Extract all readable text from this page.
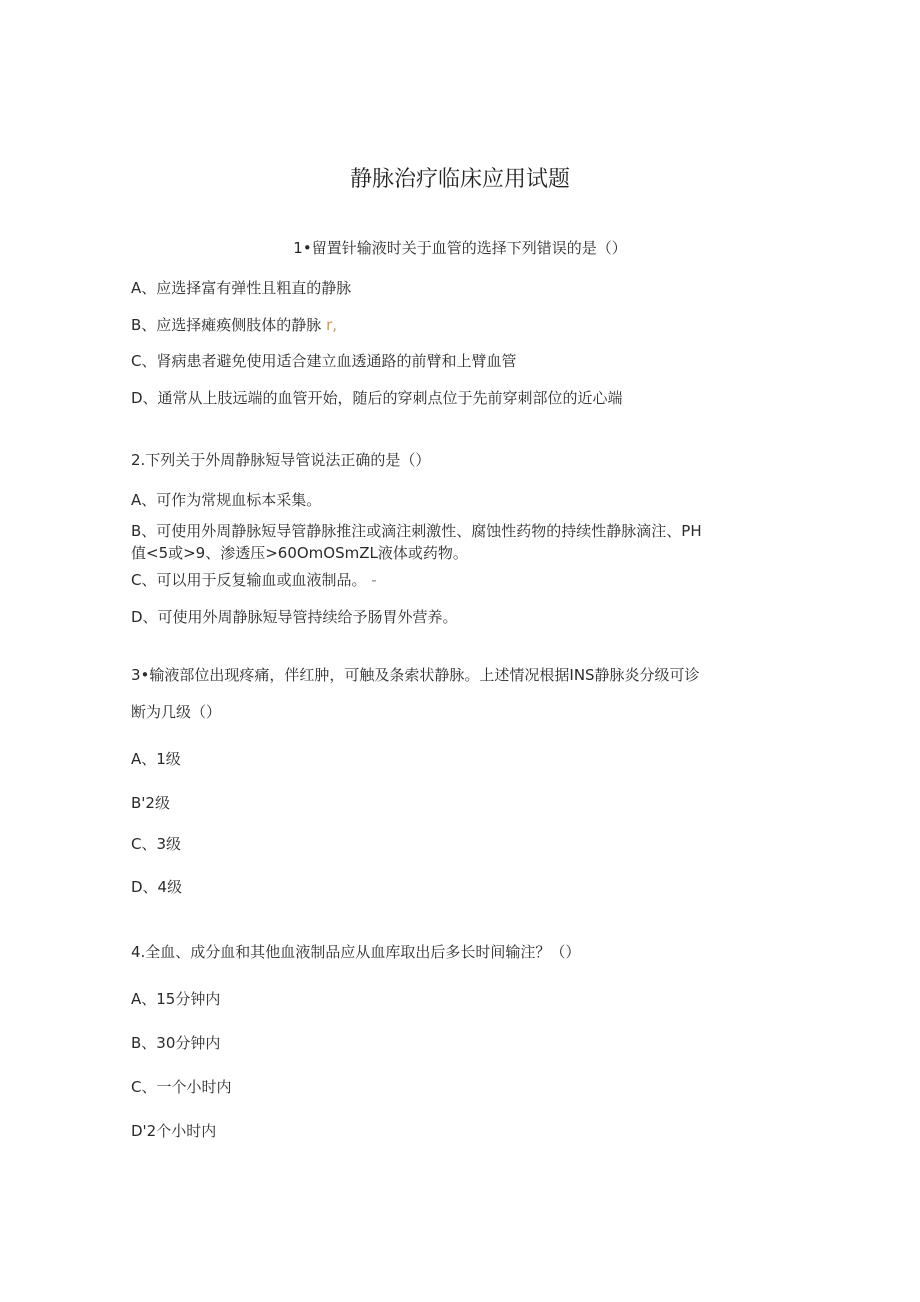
静脉治疗临床应用试题
1•留置针输液时关于血管的选择下列错误的是（）
A、应选择富有弹性且粗直的静脉
B、应选择瘫痪侧肢体的静脉 r,
C、肾病患者避免使用适合建立血透通路的前臂和上臂血管
D、通常从上肢远端的血管开始，随后的穿刺点位于先前穿刺部位的近心端
2.下列关于外周静脉短导管说法正确的是（）
A、可作为常规血标本采集。
B、可使用外周静脉短导管静脉推注或滴注刺激性、腐蚀性药物的持续性静脉滴注、PH
值<5或>9、渗透压>60OmOSmZL液体或药物。
C、可以用于反复输血或血液制品。 -
D、可使用外周静脉短导管持续给予肠胃外营养。
3•输液部位出现疼痛，伴红肿，可触及条索状静脉。上述情况根据INS静脉炎分级可诊
断为几级（）
A、1级
B'2级
C、3级
D、4级
4.全血、成分血和其他血液制品应从血库取出后多长时间输注？（）
A、15分钟内
B、30分钟内
C、一个小时内
D'2个小时内
